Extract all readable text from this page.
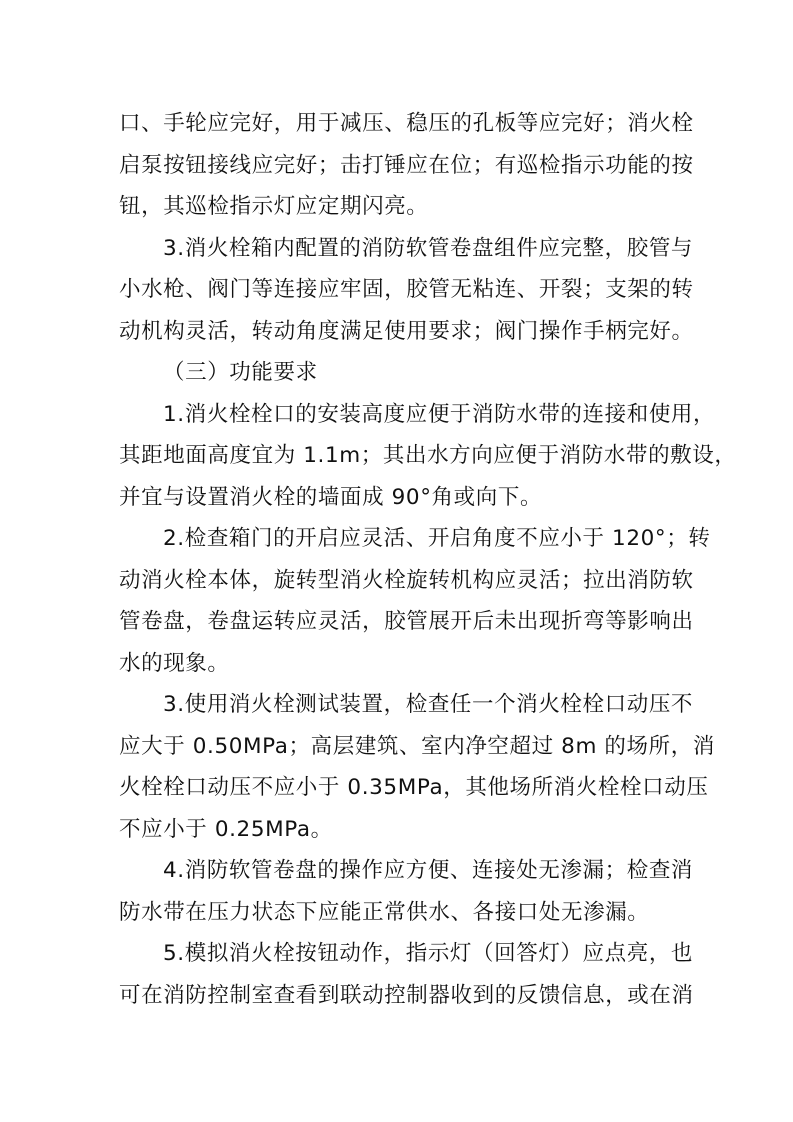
口、手轮应完好，用于减压、稳压的孔板等应完好；消火栓
启泵按钮接线应完好；击打锤应在位；有巡检指示功能的按
钮，其巡检指示灯应定期闪亮。
3.消火栓箱内配置的消防软管卷盘组件应完整，胶管与
小水枪、阀门等连接应牢固，胶管无粘连、开裂；支架的转
动机构灵活，转动角度满足使用要求；阀门操作手柄完好。
（三）功能要求
1.消火栓栓口的安装高度应便于消防水带的连接和使用，
其距地面高度宜为 1.1m；其出水方向应便于消防水带的敷设，
并宜与设置消火栓的墙面成 90°角或向下。
2.检查箱门的开启应灵活、开启角度不应小于 120°；转
动消火栓本体，旋转型消火栓旋转机构应灵活；拉出消防软
管卷盘，卷盘运转应灵活，胶管展开后未出现折弯等影响出
水的现象。
3.使用消火栓测试装置，检查任一个消火栓栓口动压不
应大于 0.50MPa；高层建筑、室内净空超过 8m 的场所，消
火栓栓口动压不应小于 0.35MPa，其他场所消火栓栓口动压
不应小于 0.25MPa。
4.消防软管卷盘的操作应方便、连接处无渗漏；检查消
防水带在压力状态下应能正常供水、各接口处无渗漏。
5.模拟消火栓按钮动作，指示灯（回答灯）应点亮，也
可在消防控制室查看到联动控制器收到的反馈信息，或在消
